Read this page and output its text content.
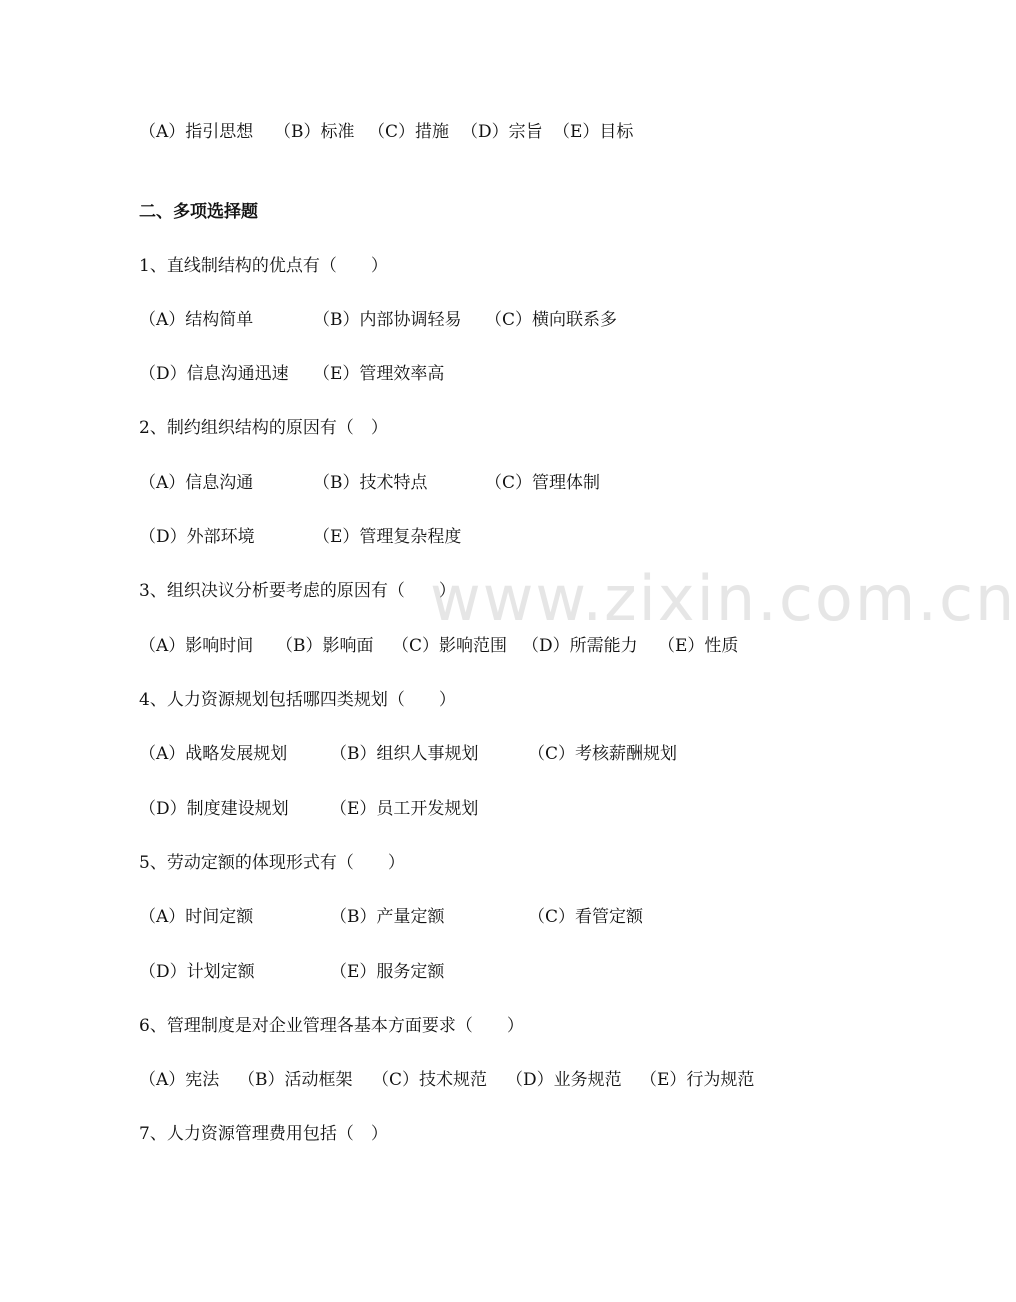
www.zixin.com.cn
（A）指引思想 （B）标准 （C）措施 （D）宗旨 （E）目标
二、多项选择题
1、直线制结构的优点有（　　）
（A）结构简单	（B）内部协调轻易 （C）横向联系多
（D）信息沟通迅速 （E）管理效率高
2、制约组织结构的原因有（　）
（A）信息沟通	（B）技术特点	（C）管理体制
（D）外部环境	（E）管理复杂程度
3、组织决议分析要考虑的原因有（　　）
（A）影响时间 （B）影响面 （C）影响范围 （D）所需能力 （E）性质
4、人力资源规划包括哪四类规划（　　）
（A）战略发展规划	（B）组织人事规划	（C）考核薪酬规划
（D）制度建设规划 （E）员工开发规划
5、劳动定额的体现形式有（　　）
（A）时间定额	（B）产量定额	（C）看管定额
（D）计划定额	（E）服务定额
6、管理制度是对企业管理各基本方面要求（　　）
（A）宪法 （B）活动框架 （C）技术规范 （D）业务规范 （E）行为规范
7、人力资源管理费用包括（　）
